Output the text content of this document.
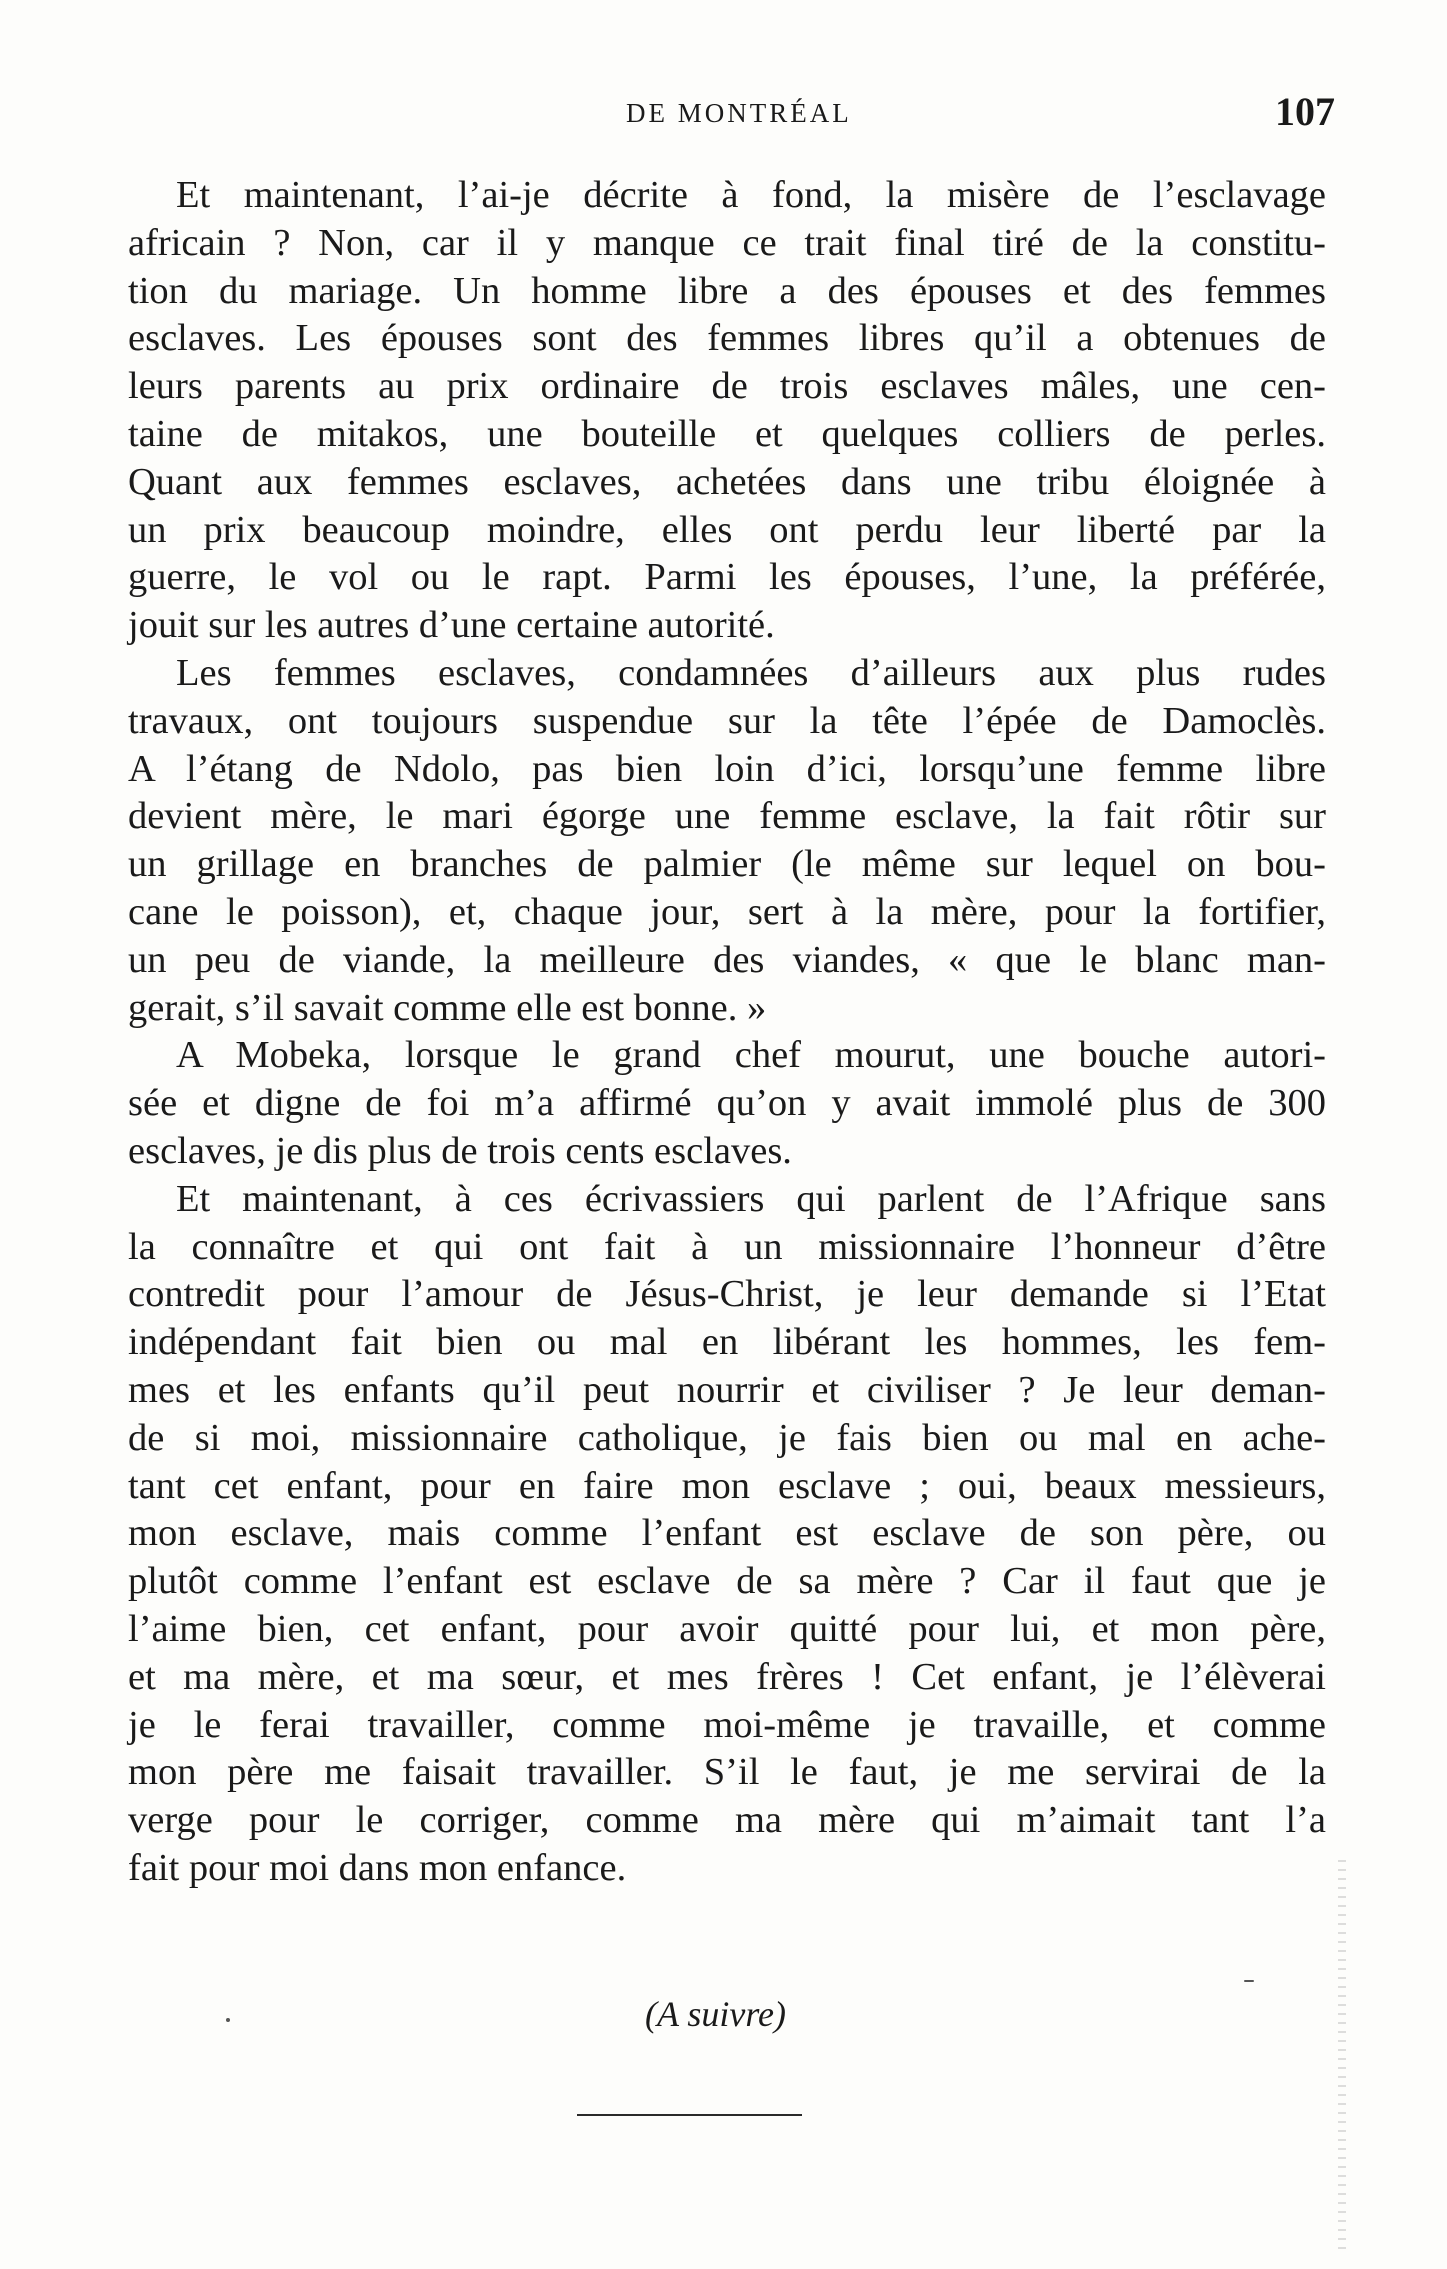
DE MONTRÉAL	107
Et maintenant, l’ai-je décrite à fond, la misère de l’esclavage
africain ? Non, car il y manque ce trait final tiré de la constitu-
tion du mariage. Un homme libre a des épouses et des femmes
esclaves. Les épouses sont des femmes libres qu’il a obtenues de
leurs parents au prix ordinaire de trois esclaves mâles, une cen-
taine de mitakos, une bouteille et quelques colliers de perles.
Quant aux femmes esclaves, achetées dans une tribu éloignée à
un prix beaucoup moindre, elles ont perdu leur liberté par la
guerre, le vol ou le rapt. Parmi les épouses, l’une, la préférée,
jouit sur les autres d’une certaine autorité.
Les femmes esclaves, condamnées d’ailleurs aux plus rudes
travaux, ont toujours suspendue sur la tête l’épée de Damoclès.
A l’étang de Ndolo, pas bien loin d’ici, lorsqu’une femme libre
devient mère, le mari égorge une femme esclave, la fait rôtir sur
un grillage en branches de palmier (le même sur lequel on bou-
cane le poisson), et, chaque jour, sert à la mère, pour la fortifier,
un peu de viande, la meilleure des viandes, « que le blanc man-
gerait, s’il savait comme elle est bonne. »
A Mobeka, lorsque le grand chef mourut, une bouche autori-
sée et digne de foi m’a affirmé qu’on y avait immolé plus de 300
esclaves, je dis plus de trois cents esclaves.
Et maintenant, à ces écrivassiers qui parlent de l’Afrique sans
la connaître et qui ont fait à un missionnaire l’honneur d’être
contredit pour l’amour de Jésus-Christ, je leur demande si l’Etat
indépendant fait bien ou mal en libérant les hommes, les fem-
mes et les enfants qu’il peut nourrir et civiliser ? Je leur deman-
de si moi, missionnaire catholique, je fais bien ou mal en ache-
tant cet enfant, pour en faire mon esclave ; oui, beaux messieurs,
mon esclave, mais comme l’enfant est esclave de son père, ou
plutôt comme l’enfant est esclave de sa mère ? Car il faut que je
l’aime bien, cet enfant, pour avoir quitté pour lui, et mon père,
et ma mère, et ma sœur, et mes frères ! Cet enfant, je l’élèverai
je le ferai travailler, comme moi-même je travaille, et comme
mon père me faisait travailler. S’il le faut, je me servirai de la
verge pour le corriger, comme ma mère qui m’aimait tant l’a
fait pour moi dans mon enfance.
(A suivre)
